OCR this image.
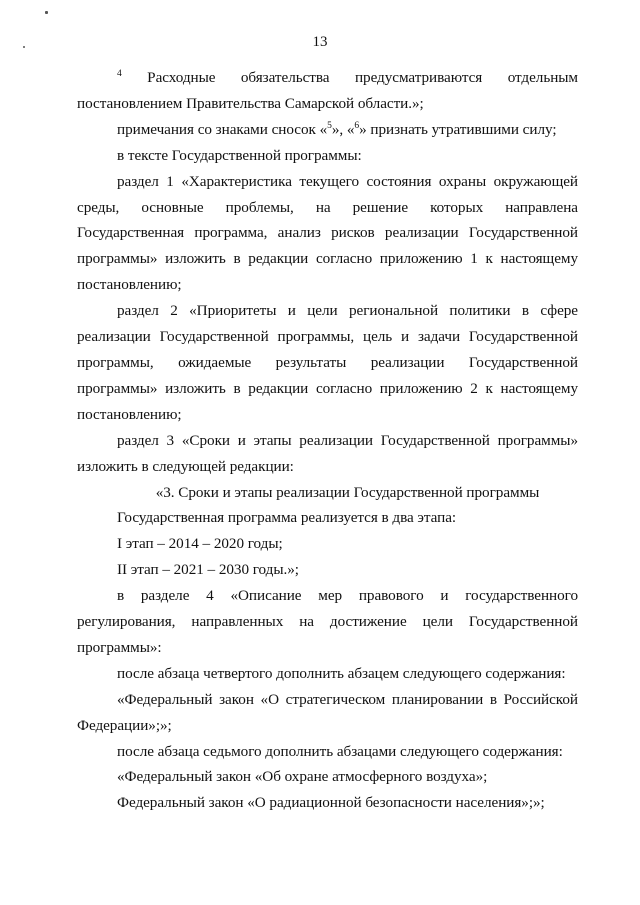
13

$^4$ Расходные обязательства предусматриваются отдельным постановлением Правительства Самарской области.»;

примечания со знаками сносок «$^5$», «$^6$» признать утратившими силу;

в тексте Государственной программы:

раздел 1 «Характеристика текущего состояния охраны окружающей среды, основные проблемы, на решение которых направлена Государственная программа, анализ рисков реализации Государственной программы» изложить в редакции согласно приложению 1 к настоящему постановлению;

раздел 2 «Приоритеты и цели региональной политики в сфере реализации Государственной программы, цель и задачи Государственной программы, ожидаемые результаты реализации Государственной программы» изложить в редакции согласно приложению 2 к настоящему постановлению;

раздел 3 «Сроки и этапы реализации Государственной программы» изложить в следующей редакции:

«3. Сроки и этапы реализации Государственной программы

Государственная программа реализуется в два этапа:

I этап – 2014 – 2020 годы;

II этап – 2021 – 2030 годы.»;

в разделе 4 «Описание мер правового и государственного регулирования, направленных на достижение цели Государственной программы»:

после абзаца четвертого дополнить абзацем следующего содержания:

«Федеральный закон «О стратегическом планировании в Российской Федерации»;»;

после абзаца седьмого дополнить абзацами следующего содержания:

«Федеральный закон «Об охране атмосферного воздуха»;

Федеральный закон «О радиационной безопасности населения»;»;
